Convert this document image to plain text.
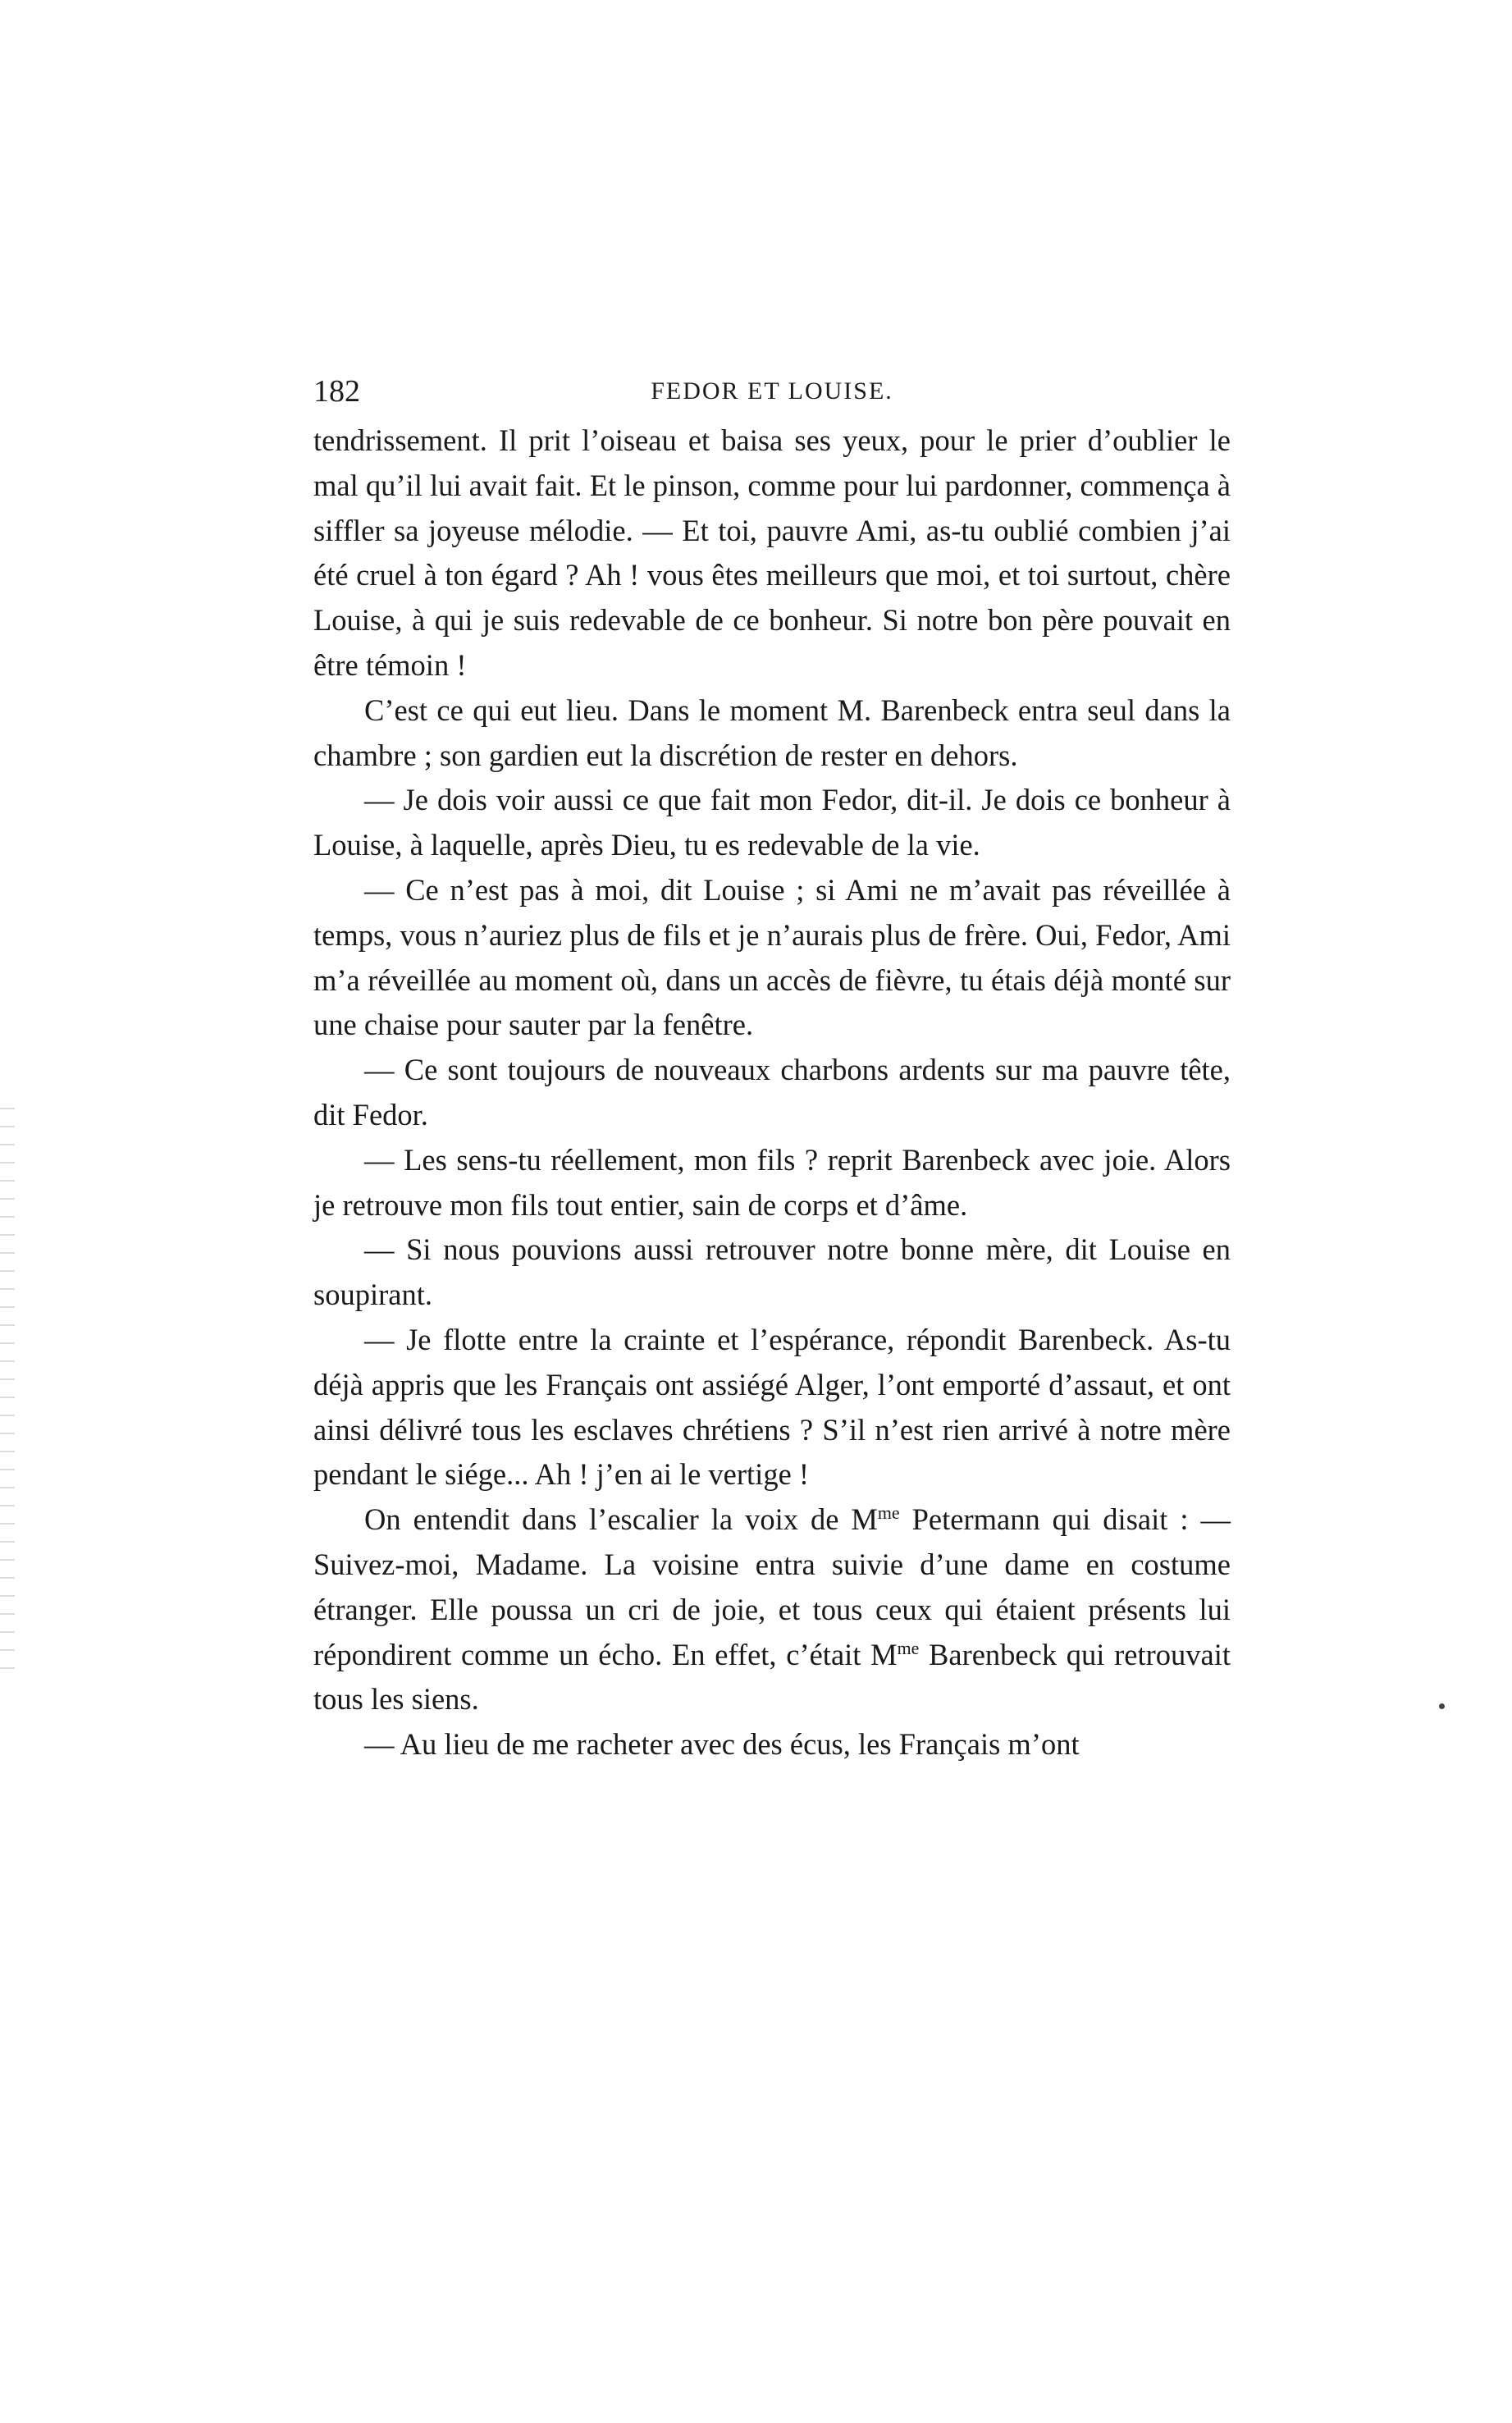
182	FEDOR ET LOUISE.

tendrissement. Il prit l’oiseau et baisa ses yeux, pour le prier d’oublier le mal qu’il lui avait fait. Et le pinson, comme pour lui pardonner, commença à siffler sa joyeuse mélodie. — Et toi, pauvre Ami, as-tu oublié combien j’ai été cruel à ton égard ? Ah ! vous êtes meilleurs que moi, et toi surtout, chère Louise, à qui je suis redevable de ce bonheur. Si notre bon père pouvait en être témoin !

C’est ce qui eut lieu. Dans le moment M. Barenbeck entra seul dans la chambre ; son gardien eut la discrétion de rester en dehors.

— Je dois voir aussi ce que fait mon Fedor, dit-il. Je dois ce bonheur à Louise, à laquelle, après Dieu, tu es redevable de la vie.

— Ce n’est pas à moi, dit Louise ; si Ami ne m’avait pas réveillée à temps, vous n’auriez plus de fils et je n’aurais plus de frère. Oui, Fedor, Ami m’a réveillée au moment où, dans un accès de fièvre, tu étais déjà monté sur une chaise pour sauter par la fenêtre.

— Ce sont toujours de nouveaux charbons ardents sur ma pauvre tête, dit Fedor.

— Les sens-tu réellement, mon fils ? reprit Barenbeck avec joie. Alors je retrouve mon fils tout entier, sain de corps et d’âme.

— Si nous pouvions aussi retrouver notre bonne mère, dit Louise en soupirant.

— Je flotte entre la crainte et l’espérance, répondit Barenbeck. As-tu déjà appris que les Français ont assiégé Alger, l’ont emporté d’assaut, et ont ainsi délivré tous les esclaves chrétiens ? S’il n’est rien arrivé à notre mère pendant le siége... Ah ! j’en ai le vertige !

On entendit dans l’escalier la voix de $M^{me}$ Petermann qui disait : — Suivez-moi, Madame. La voisine entra suivie d’une dame en costume étranger. Elle poussa un cri de joie, et tous ceux qui étaient présents lui répondirent comme un écho. En effet, c’était $M^{me}$ Barenbeck qui retrouvait tous les siens.

— Au lieu de me racheter avec des écus, les Français m’ont
